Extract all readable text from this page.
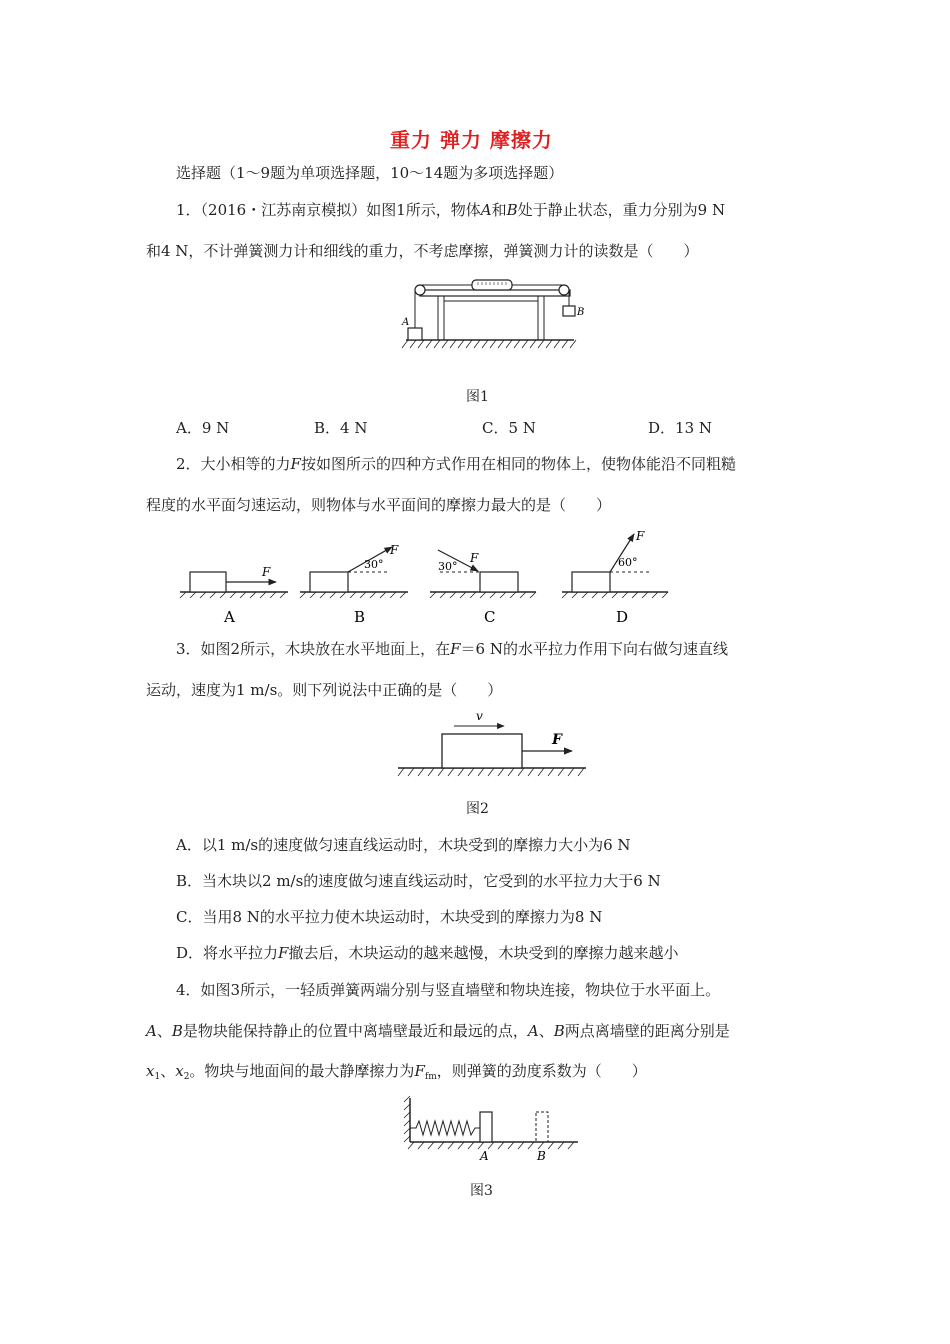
重力 弹力 摩擦力
选择题（1～9题为单项选择题，10～14题为多项选择题）
1．（2016・江苏南京模拟）如图1所示，物体A和B处于静止状态，重力分别为9 N
和4 N，不计弹簧测力计和细线的重力，不考虑摩擦，弹簧测力计的读数是（　　）
A
B
图1
A．9 N	B．4 N	C．5 N	D．13 N
2．大小相等的力F按如图所示的四种方式作用在相同的物体上，使物体能沿不同粗糙
程度的水平面匀速运动，则物体与水平面间的摩擦力最大的是（　　）
F
A
F
30°
B
F
30°
C
F
60°
D
3．如图2所示，木块放在水平地面上，在F＝6 N的水平拉力作用下向右做匀速直线
运动，速度为1 m/s。则下列说法中正确的是（　　）
v
F
图2
A．以1 m/s的速度做匀速直线运动时，木块受到的摩擦力大小为6 N
B．当木块以2 m/s的速度做匀速直线运动时，它受到的水平拉力大于6 N
C．当用8 N的水平拉力使木块运动时，木块受到的摩擦力为8 N
D．将水平拉力F撤去后，木块运动的越来越慢，木块受到的摩擦力越来越小
4．如图3所示，一轻质弹簧两端分别与竖直墙壁和物块连接，物块位于水平面上。
A、B是物块能保持静止的位置中离墙壁最近和最远的点，A、B两点离墙壁的距离分别是
$x_1$、$x_2$。物块与地面间的最大静摩擦力为$F_{fm}$，则弹簧的劲度系数为（　　）
A	B
图3
